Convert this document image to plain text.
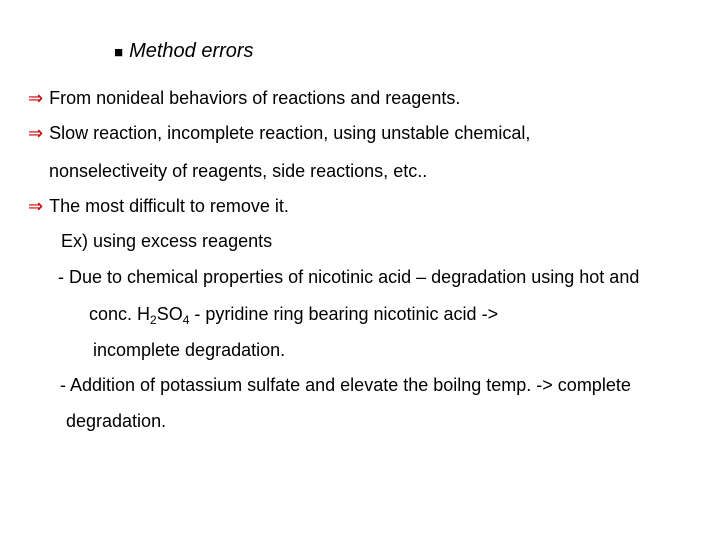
■ Method errors
⇒ From nonideal behaviors of reactions and reagents.
⇒ Slow reaction, incomplete reaction, using unstable chemical,
nonselectiveity of reagents, side reactions, etc..
⇒ The most difficult to remove it.
Ex) using excess reagents
- Due to chemical properties of nicotinic acid – degradation using hot and
conc. $H_2SO_4$ - pyridine ring bearing nicotinic acid ->
incomplete degradation.
- Addition of potassium sulfate and elevate the boilng temp. -> complete
degradation.
